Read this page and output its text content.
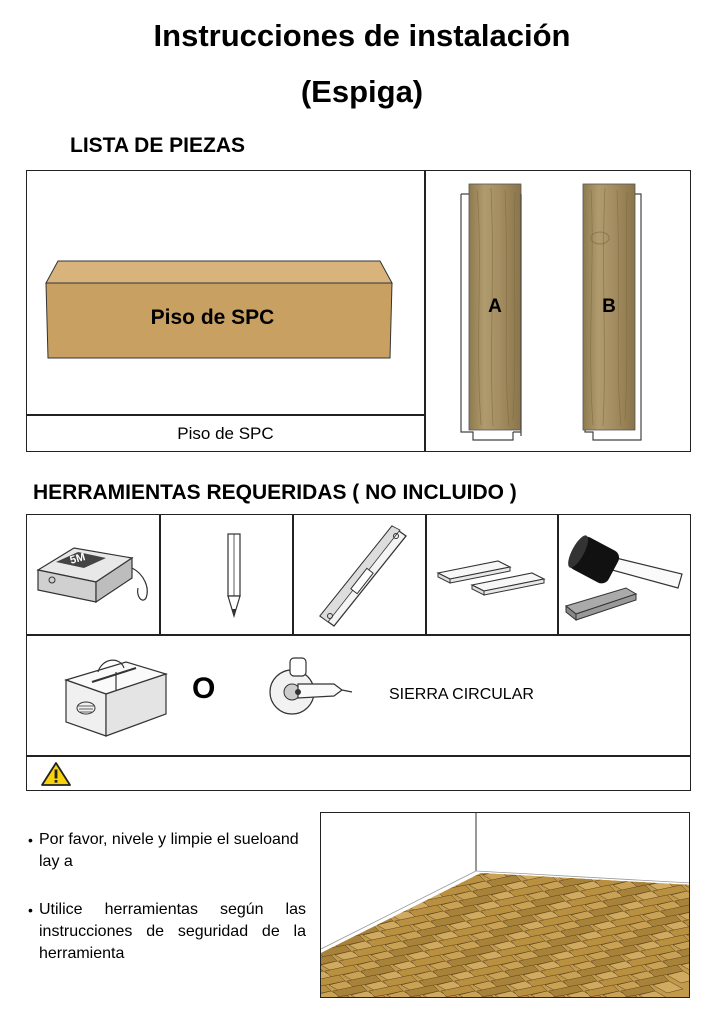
Instrucciones de instalación
(Espiga)
LISTA DE PIEZAS
Piso de SPC
Piso de SPC
A	B
HERRAMIENTAS REQUERIDAS ( NO INCLUIDO )
5M
O	SIERRA CIRCULAR
• Por favor, nivele y limpie el sueloand lay a
• Utilice herramientas según las instrucciones de seguridad de la herramienta
